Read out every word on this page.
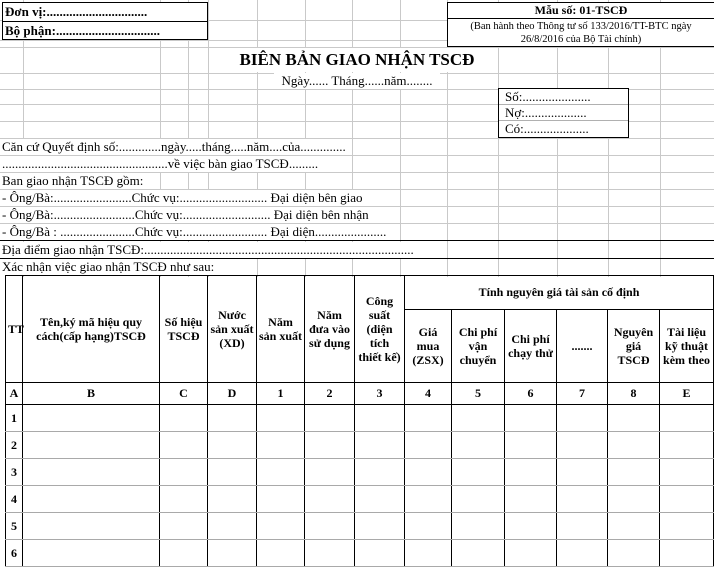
Đơn vị:...............................
Bộ phận:................................
Mẫu số: 01-TSCĐ
(Ban hành theo Thông tư số 133/2016/TT-BTC ngày 26/8/2016 của Bộ Tài chính)
BIÊN BẢN GIAO NHẬN TSCĐ
Ngày...... Tháng......năm........
Số:.....................
Nợ:...................
Có:....................
Căn cứ Quyết định số:.............ngày.....tháng.....năm....của..............
...................................................về việc bàn giao TSCĐ.........
Ban giao nhận TSCĐ gồm:
- Ông/Bà:........................Chức vụ:........................... Đại diện bên giao
- Ông/Bà:.........................Chức vụ:........................... Đại diện bên nhận
- Ông/Bà : .......................Chức vụ:.......................... Đại diện......................
Địa điểm giao nhận TSCĐ:...................................................................................
Xác nhận việc giao nhận TSCĐ như sau:
TT	Tên,ký mã hiệu quy cách(cấp hạng)TSCĐ	Số hiệu TSCĐ	Nước sản xuất (XD)	Năm sản xuất	Năm đưa vào sử dụng	Công suất (diện tích thiết kế)	Tính nguyên giá tài sản cố định					
							Giá mua (ZSX)	Chi phí vận chuyển	Chi phí chạy thử	.......	Nguyên giá TSCĐ	Tài liệu kỹ thuật kèm theo
A	B	C	D	1	2	3	4	5	6	7	8	E
1												
2												
3												
4												
5												
6												
